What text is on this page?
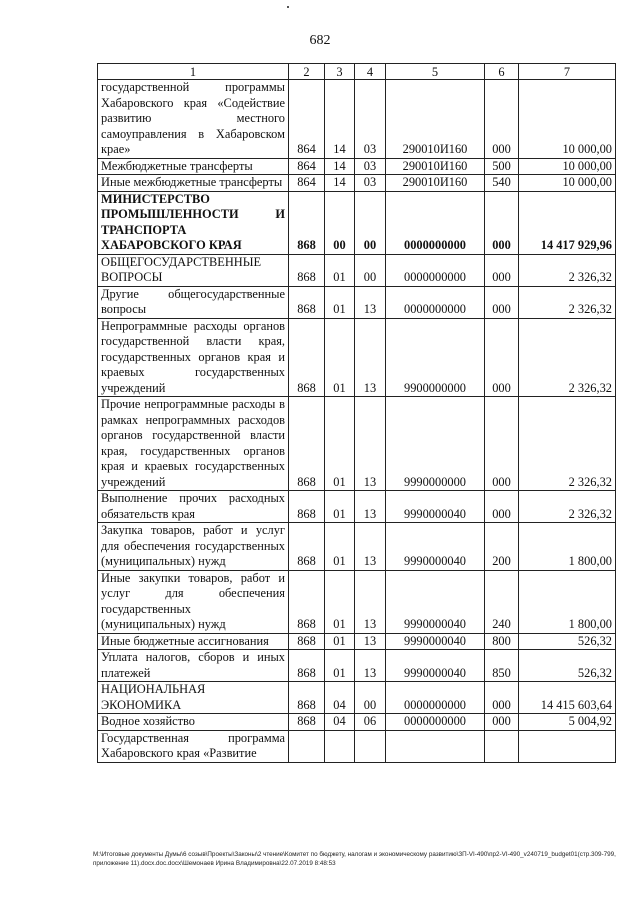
682
1	2	3	4	5	6	7
государственной программы Хабаровского края «Содействие развитию местного самоуправления в Хабаровском крае»	864	14	03	290010И160	000	10 000,00
Межбюджетные трансферты	864	14	03	290010И160	500	10 000,00
Иные межбюджетные трансферты	864	14	03	290010И160	540	10 000,00
МИНИСТЕРСТВО ПРОМЫШЛЕННОСТИ И ТРАНСПОРТА ХАБАРОВСКОГО КРАЯ	868	00	00	0000000000	000	14 417 929,96
ОБЩЕГОСУДАРСТВЕННЫЕ ВОПРОСЫ	868	01	00	0000000000	000	2 326,32
Другие общегосударственные вопросы	868	01	13	0000000000	000	2 326,32
Непрограммные расходы органов государственной власти края, государственных органов края и краевых государственных учреждений	868	01	13	9900000000	000	2 326,32
Прочие непрограммные расходы в рамках непрограммных расходов органов государственной власти края, государственных органов края и краевых государственных учреждений	868	01	13	9990000000	000	2 326,32
Выполнение прочих расходных обязательств края	868	01	13	9990000040	000	2 326,32
Закупка товаров, работ и услуг для обеспечения государственных (муниципальных) нужд	868	01	13	9990000040	200	1 800,00
Иные закупки товаров, работ и услуг для обеспечения государственных (муниципальных) нужд	868	01	13	9990000040	240	1 800,00
Иные бюджетные ассигнования	868	01	13	9990000040	800	526,32
Уплата налогов, сборов и иных платежей	868	01	13	9990000040	850	526,32
НАЦИОНАЛЬНАЯ ЭКОНОМИКА	868	04	00	0000000000	000	14 415 603,64
Водное хозяйство	868	04	06	0000000000	000	5 004,92
Государственная программа Хабаровского края «Развитие						
M:\Итоговые документы Думы\6 созыв\Проекты\Законы\2 чтение\Комитет по бюджету, налогам и экономическому развитию\ЗП-VI-490\пр2-VI-490_v240719_budget01(стр.309-799, приложение 11).docx.doc.docx\Шемонаев Ирина Владимировна\22.07.2019 8:48:53
